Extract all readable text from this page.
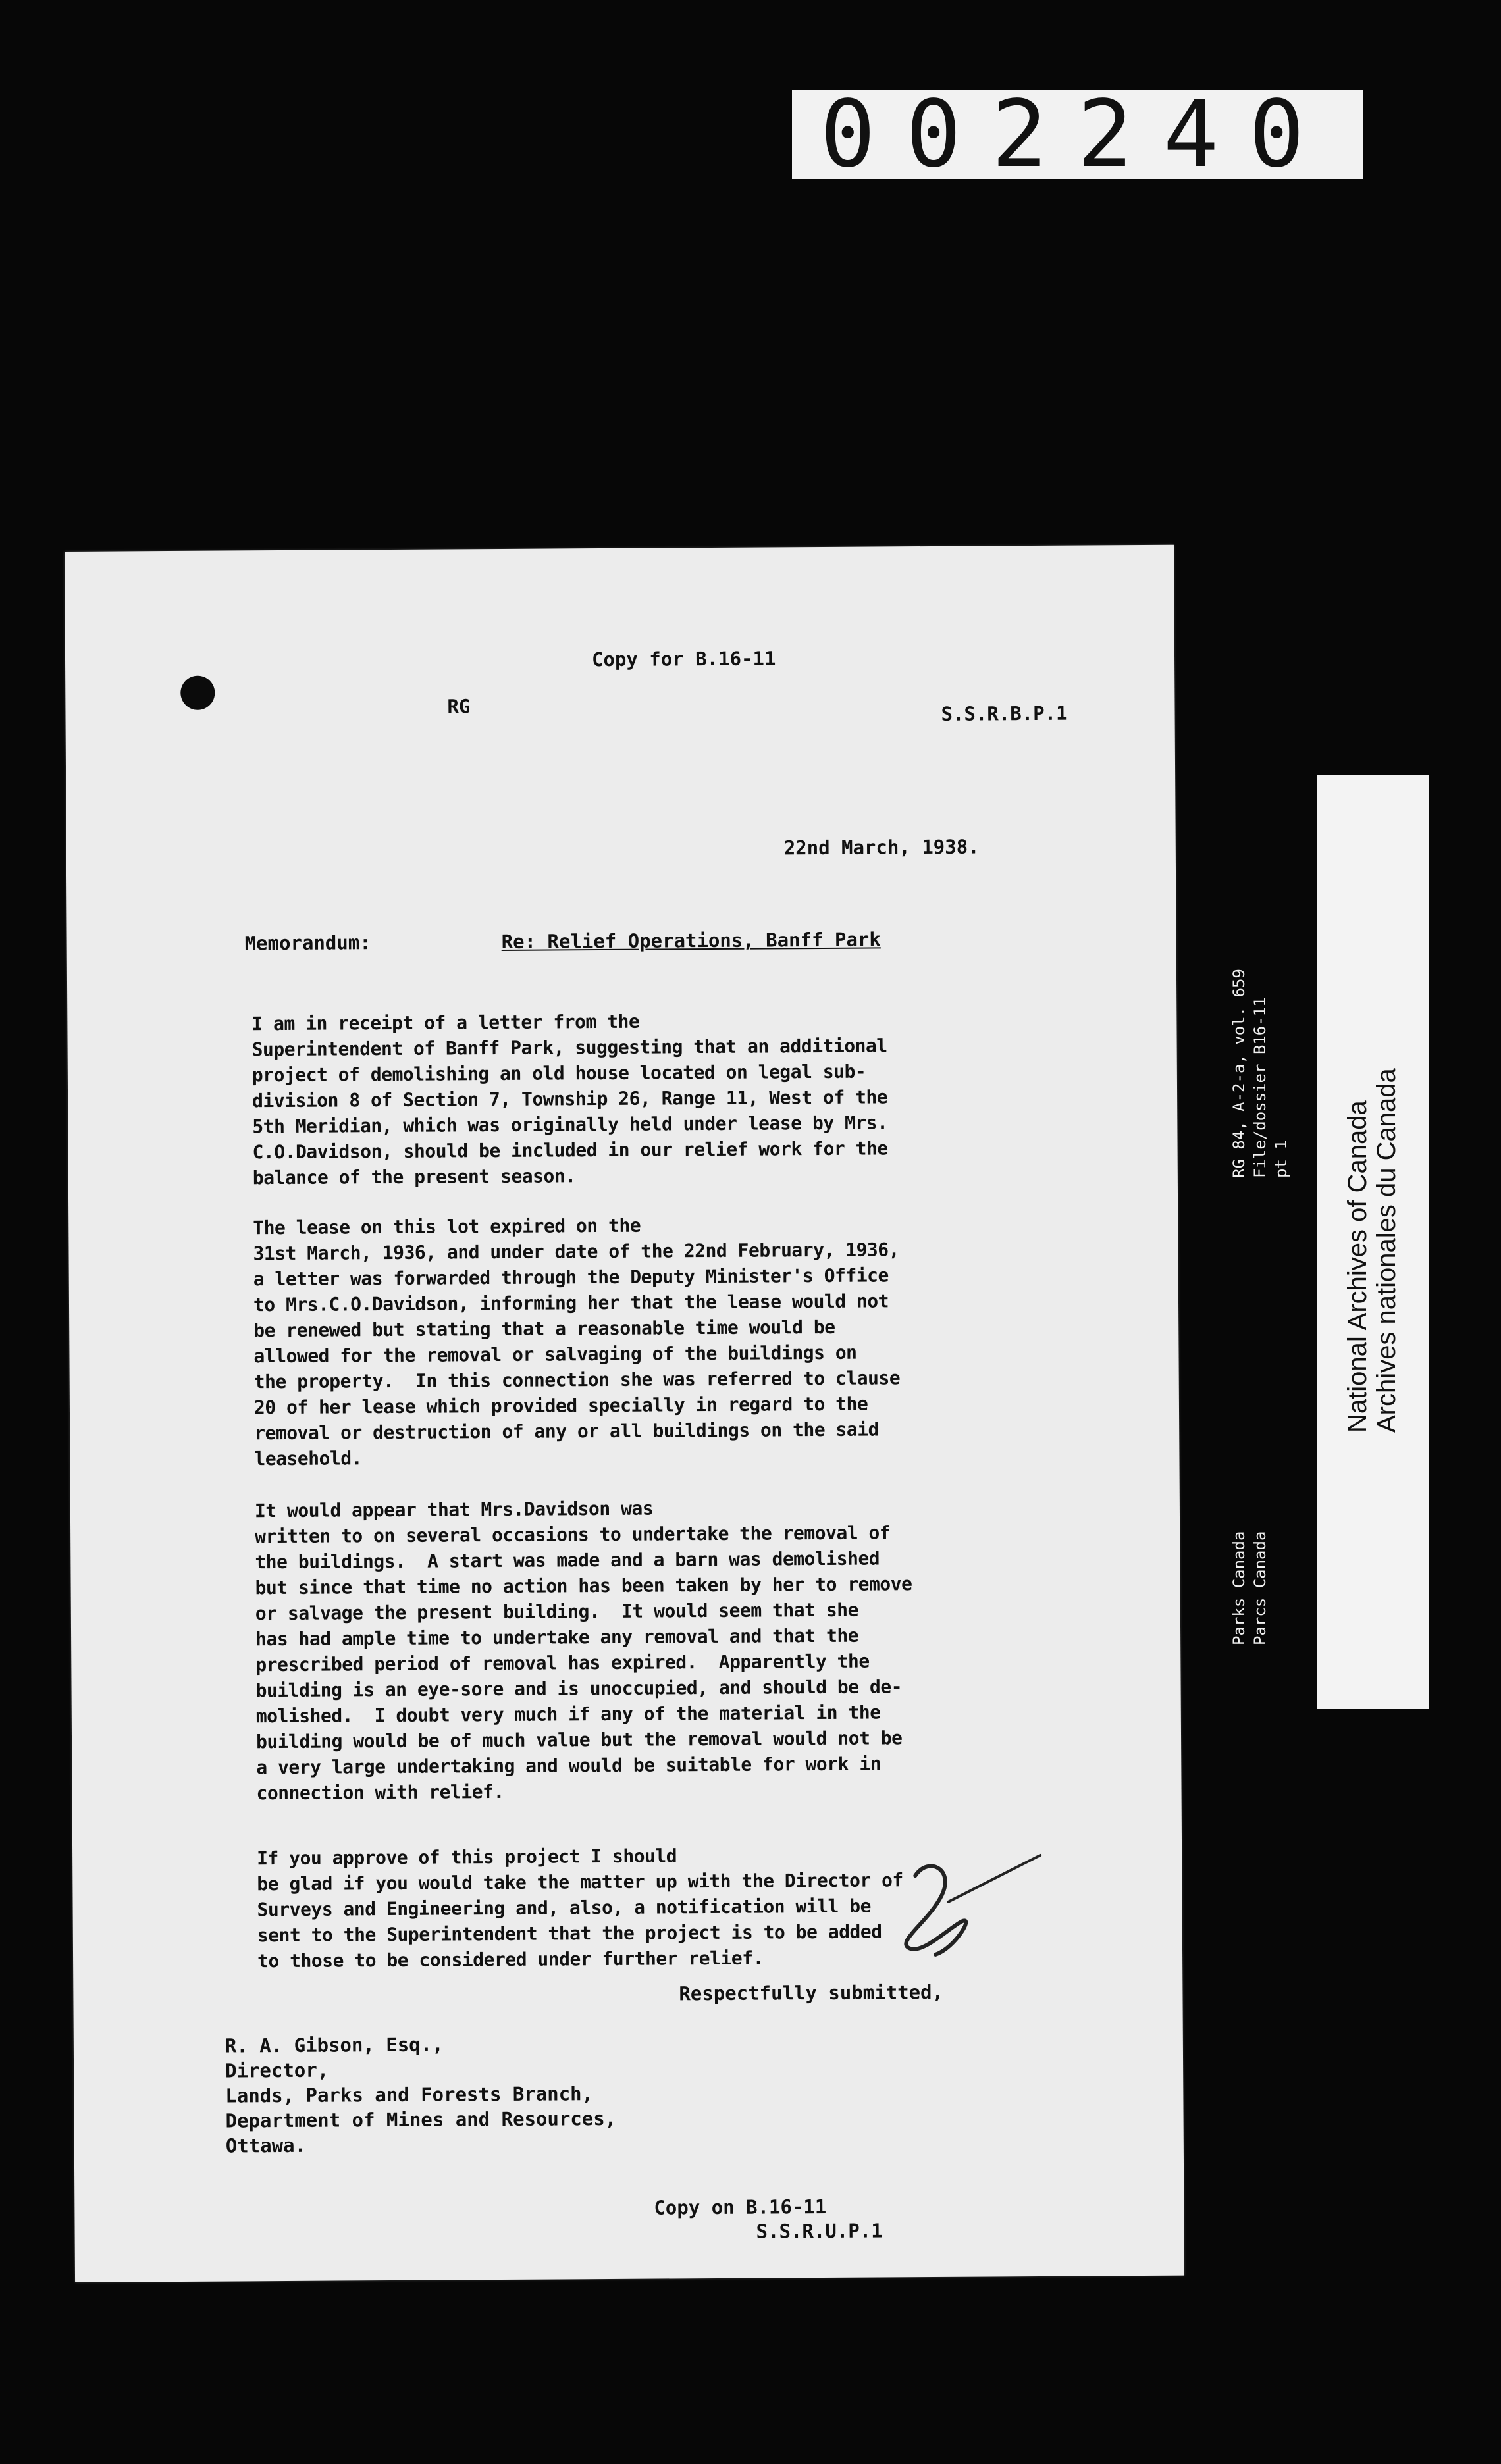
002240
Copy for B.16-11
RG	S.S.R.B.P.1
22nd March, 1938.
Memorandum:	Re: Relief Operations, Banff Park
I am in receipt of a letter from the
Superintendent of Banff Park, suggesting that an additional
project of demolishing an old house located on legal sub-
division 8 of Section 7, Township 26, Range 11, West of the
5th Meridian, which was originally held under lease by Mrs.
C.O.Davidson, should be included in our relief work for the
balance of the present season.
The lease on this lot expired on the
31st March, 1936, and under date of the 22nd February, 1936,
a letter was forwarded through the Deputy Minister's Office
to Mrs.C.O.Davidson, informing her that the lease would not
be renewed but stating that a reasonable time would be
allowed for the removal or salvaging of the buildings on
the property.  In this connection she was referred to clause
20 of her lease which provided specially in regard to the
removal or destruction of any or all buildings on the said
leasehold.
It would appear that Mrs.Davidson was
written to on several occasions to undertake the removal of
the buildings.  A start was made and a barn was demolished
but since that time no action has been taken by her to remove
or salvage the present building.  It would seem that she
has had ample time to undertake any removal and that the
prescribed period of removal has expired.  Apparently the
building is an eye-sore and is unoccupied, and should be de-
molished.  I doubt very much if any of the material in the
building would be of much value but the removal would not be
a very large undertaking and would be suitable for work in
connection with relief.
If you approve of this project I should
be glad if you would take the matter up with the Director of
Surveys and Engineering and, also, a notification will be
sent to the Superintendent that the project is to be added
to those to be considered under further relief.
Respectfully submitted,
R. A. Gibson, Esq.,
Director,
Lands, Parks and Forests Branch,
Department of Mines and Resources,
Ottawa.
Copy on B.16-11
S.S.R.U.P.1
RG 84, A-2-a, vol. 659 File/dossier B16-11 pt 1
Parks Canada Parcs Canada
National Archives of Canada Archives nationales du Canada
